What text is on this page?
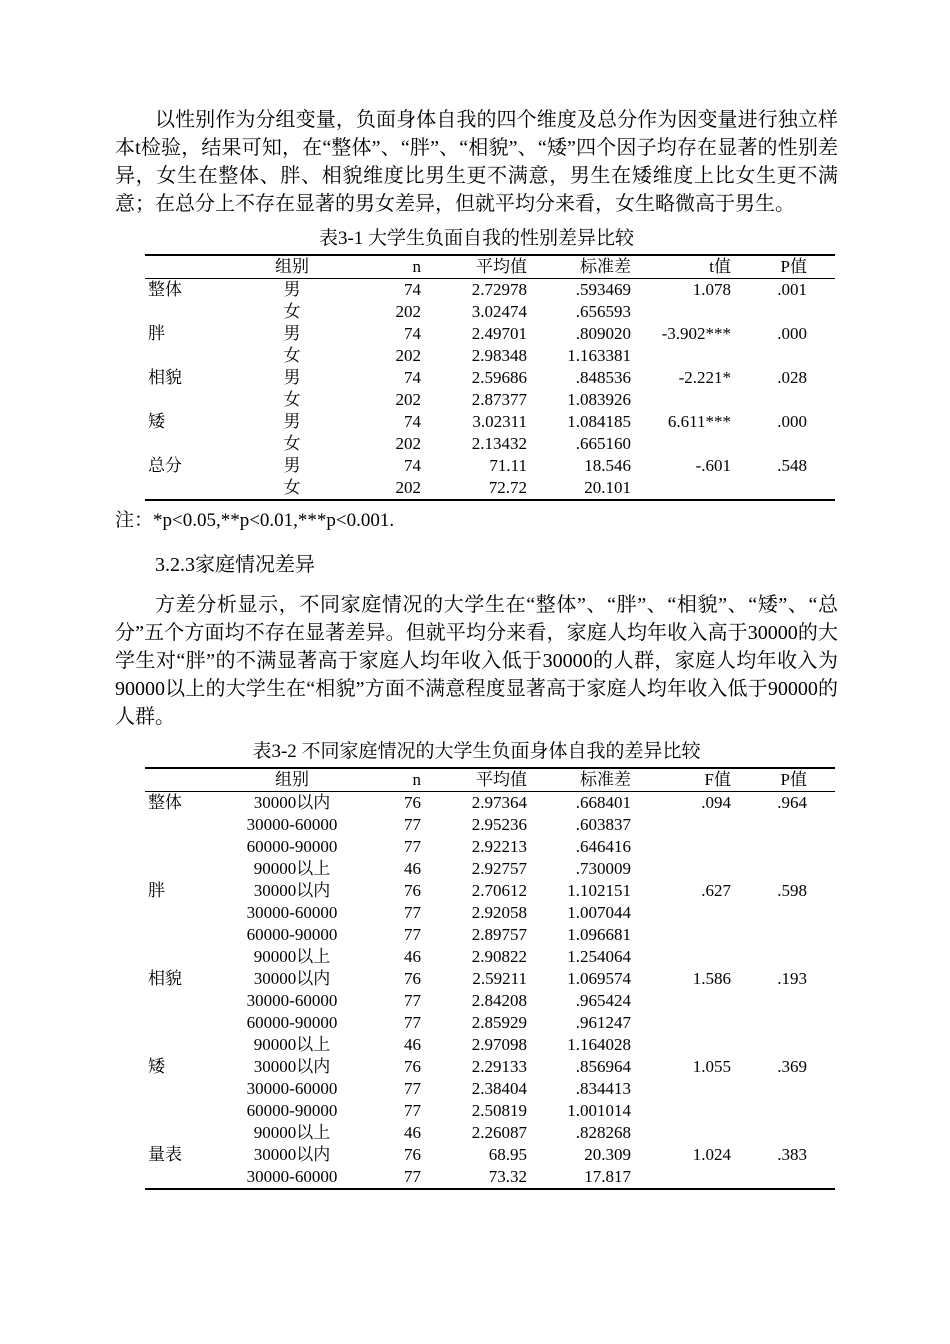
以性别作为分组变量，负面身体自我的四个维度及总分作为因变量进行独立样本t检验，结果可知，在“整体”、“胖”、“相貌”、“矮”四个因子均存在显著的性别差异，女生在整体、胖、相貌维度比男生更不满意，男生在矮维度上比女生更不满意；在总分上不存在显著的男女差异，但就平均分来看，女生略微高于男生。

表3-1 大学生负面自我的性别差异比较
	组别	n	平均值	标准差	t值	P值
整体	男	74	2.72978	.593469	1.078	.001
	女	202	3.02474	.656593		
胖	男	74	2.49701	.809020	-3.902***	.000
	女	202	2.98348	1.163381		
相貌	男	74	2.59686	.848536	-2.221*	.028
	女	202	2.87377	1.083926		
矮	男	74	3.02311	1.084185	6.611***	.000
	女	202	2.13432	.665160		
总分	男	74	71.11	18.546	-.601	.548
	女	202	72.72	20.101		

注：*p<0.05,**p<0.01,***p<0.001.

3.2.3家庭情况差异

方差分析显示，不同家庭情况的大学生在“整体”、“胖”、“相貌”、“矮”、“总分”五个方面均不存在显著差异。但就平均分来看，家庭人均年收入高于30000的大学生对“胖”的不满显著高于家庭人均年收入低于30000的人群，家庭人均年收入为90000以上的大学生在“相貌”方面不满意程度显著高于家庭人均年收入低于90000的人群。

表3-2 不同家庭情况的大学生负面身体自我的差异比较
	组别	n	平均值	标准差	F值	P值
整体	30000以内	76	2.97364	.668401	.094	.964
	30000-60000	77	2.95236	.603837		
	60000-90000	77	2.92213	.646416		
	90000以上	46	2.92757	.730009		
胖	30000以内	76	2.70612	1.102151	.627	.598
	30000-60000	77	2.92058	1.007044		
	60000-90000	77	2.89757	1.096681		
	90000以上	46	2.90822	1.254064		
相貌	30000以内	76	2.59211	1.069574	1.586	.193
	30000-60000	77	2.84208	.965424		
	60000-90000	77	2.85929	.961247		
	90000以上	46	2.97098	1.164028		
矮	30000以内	76	2.29133	.856964	1.055	.369
	30000-60000	77	2.38404	.834413		
	60000-90000	77	2.50819	1.001014		
	90000以上	46	2.26087	.828268		
量表	30000以内	76	68.95	20.309	1.024	.383
	30000-60000	77	73.32	17.817		
